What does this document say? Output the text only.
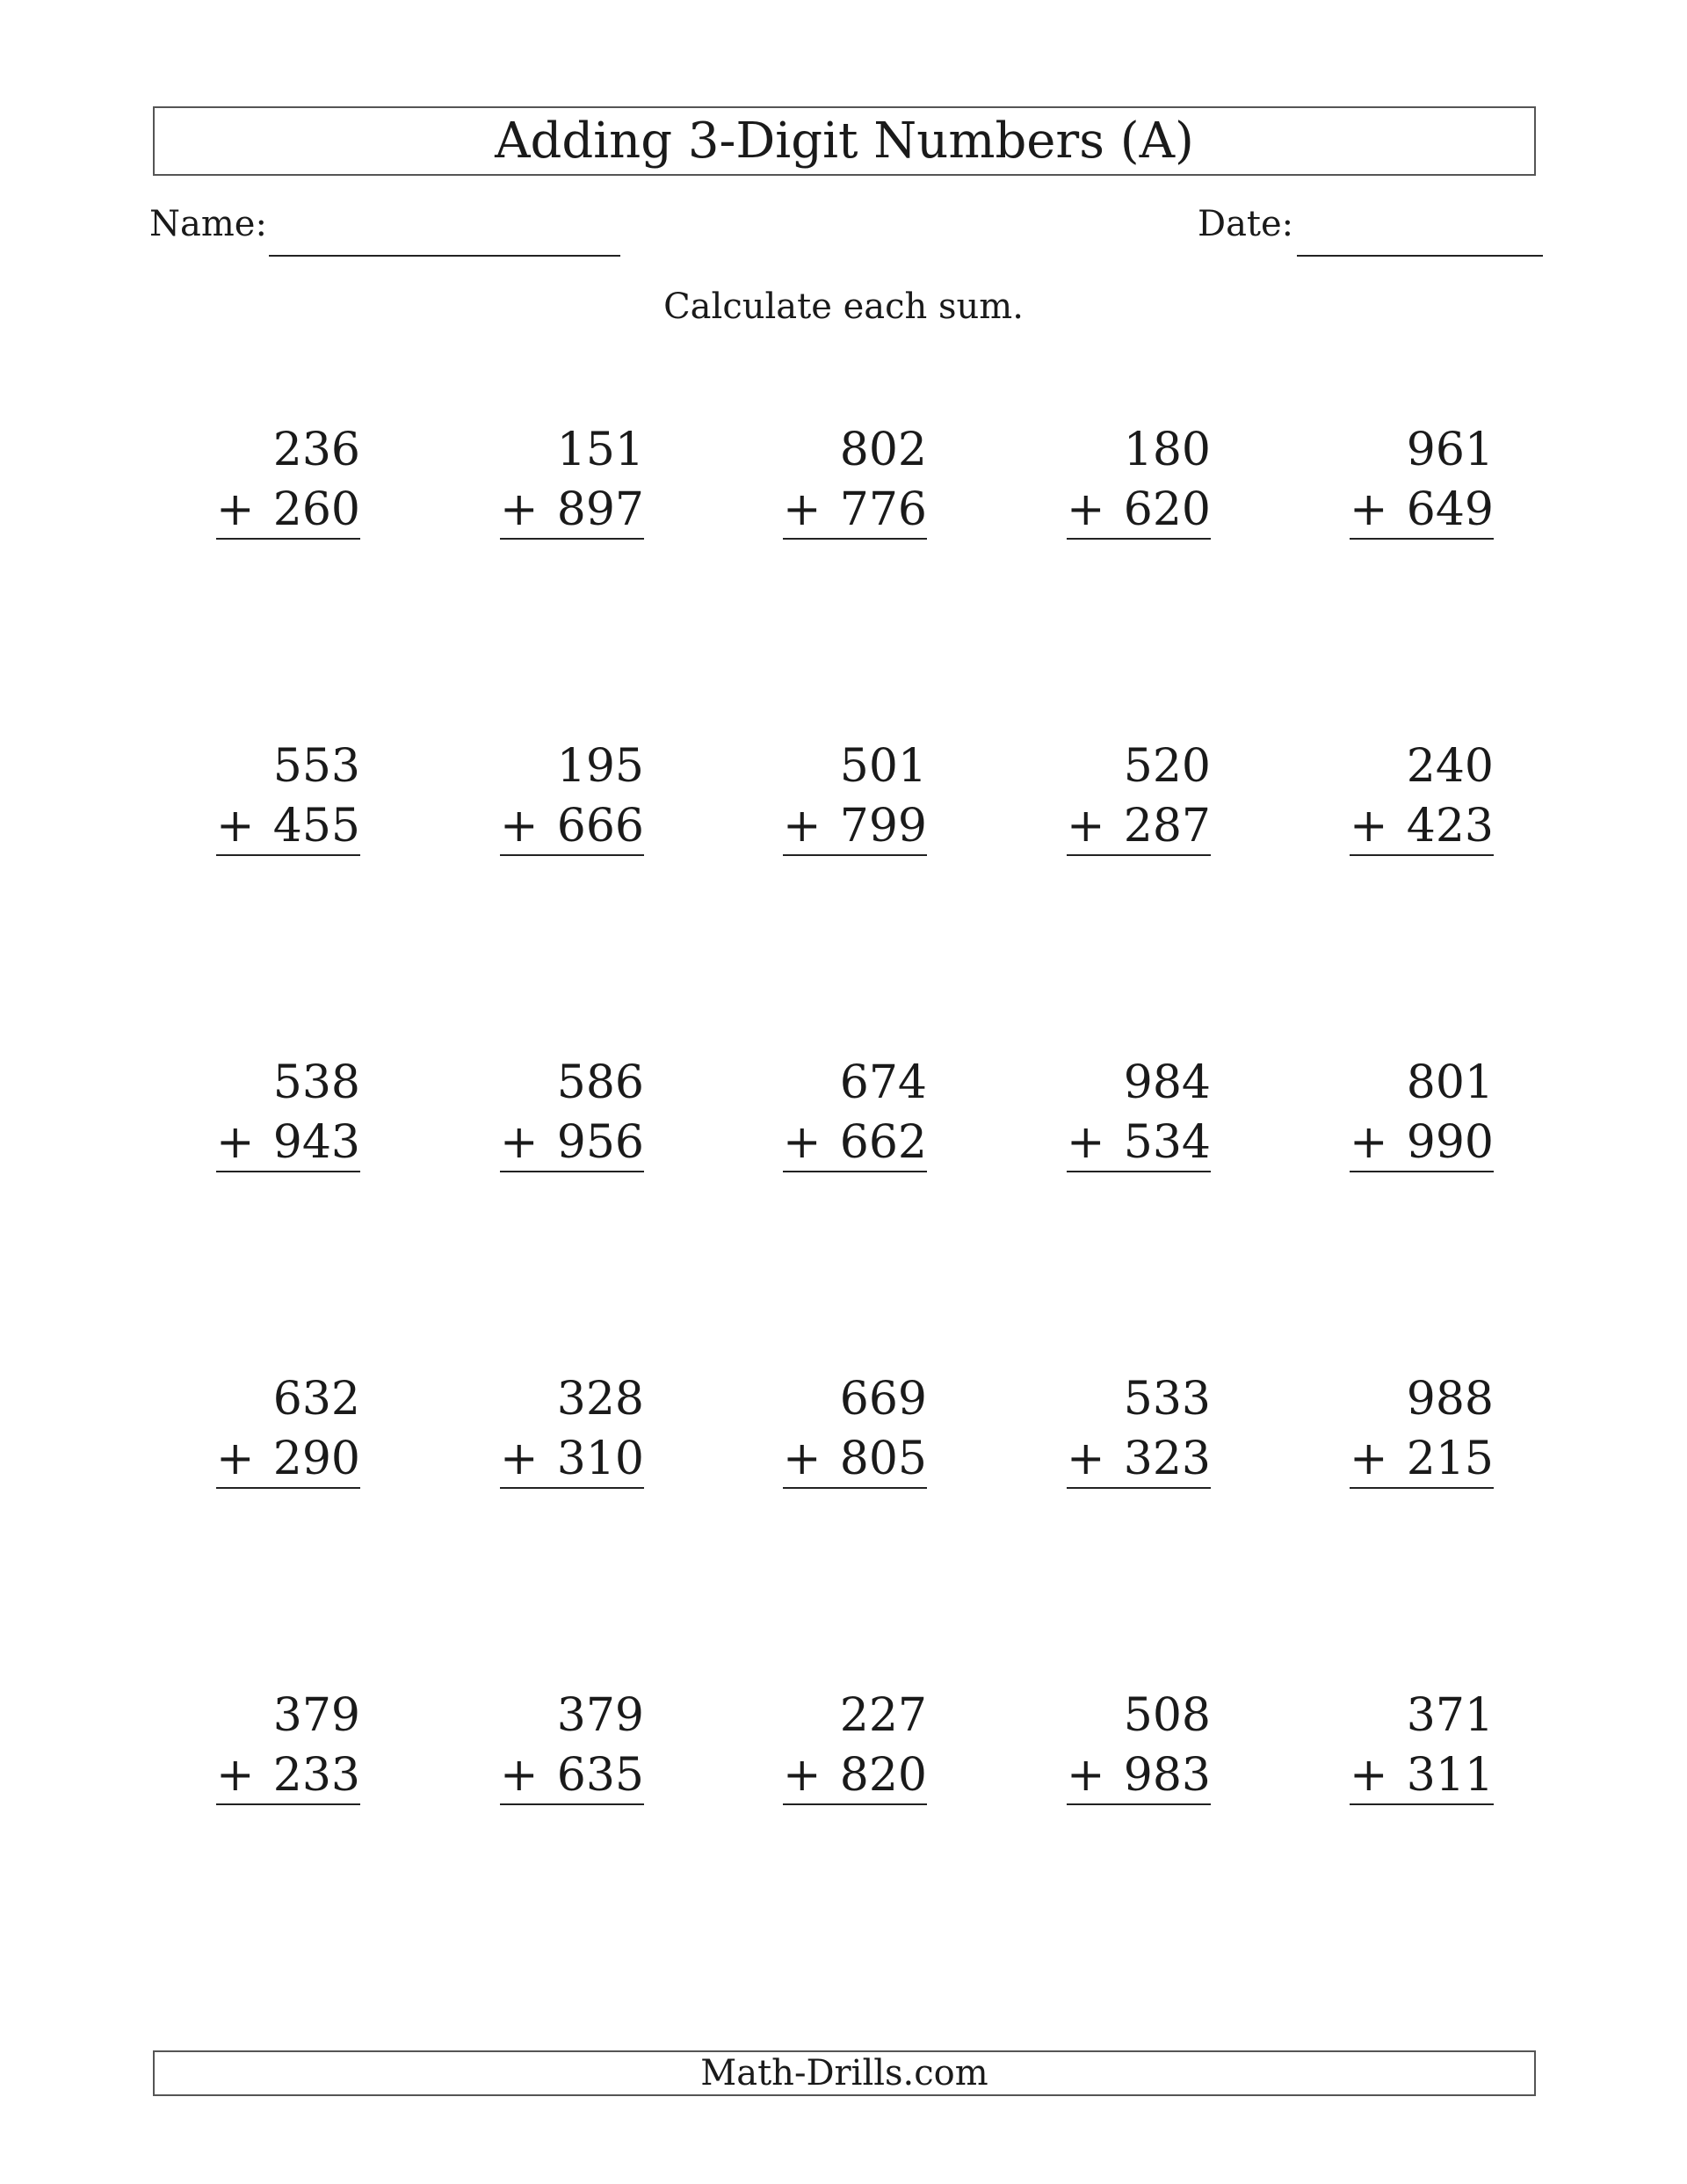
Adding 3-Digit Numbers (A)
Name:	Date:
Calculate each sum.
236
+ 260
151
+ 897
802
+ 776
180
+ 620
961
+ 649
553
+ 455
195
+ 666
501
+ 799
520
+ 287
240
+ 423
538
+ 943
586
+ 956
674
+ 662
984
+ 534
801
+ 990
632
+ 290
328
+ 310
669
+ 805
533
+ 323
988
+ 215
379
+ 233
379
+ 635
227
+ 820
508
+ 983
371
+ 311
Math-Drills.com
